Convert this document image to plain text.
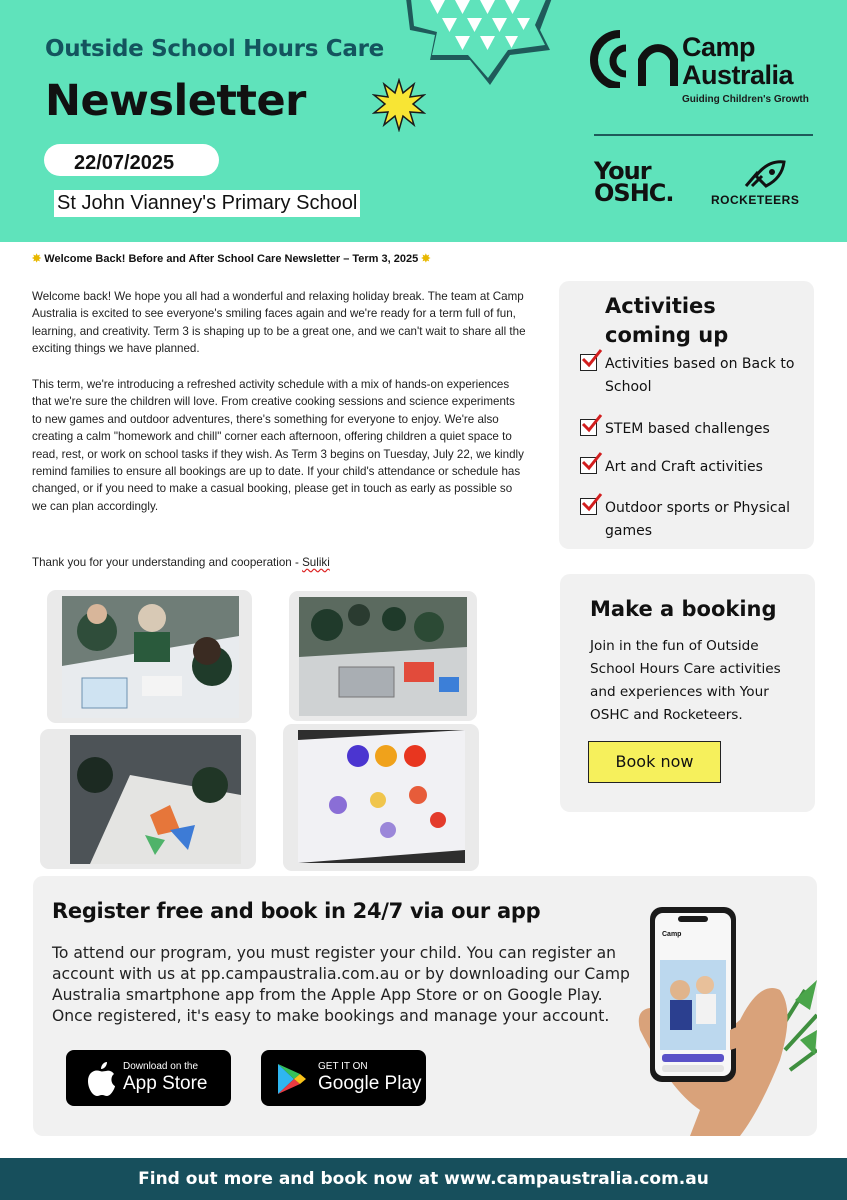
Outside School Hours Care
Newsletter
22/07/2025
St John Vianney's Primary School
Camp
Australia
Guiding Children's Growth
Your
OSHC.	ROCKETEERS
✸ Welcome Back! Before and After School Care Newsletter – Term 3, 2025 ✸
Welcome back! We hope you all had a wonderful and relaxing holiday break. The team at Camp Australia is excited to see everyone's smiling faces again and we're ready for a term full of fun, learning, and creativity. Term 3 is shaping up to be a great one, and we can't wait to share all the exciting things we have planned.
This term, we're introducing a refreshed activity schedule with a mix of hands-on experiences that we're sure the children will love. From creative cooking sessions and science experiments to new games and outdoor adventures, there's something for everyone to enjoy. We're also creating a calm "homework and chill" corner each afternoon, offering children a quiet space to read, rest, or work on school tasks if they wish. As Term 3 begins on Tuesday, July 22, we kindly remind families to ensure all bookings are up to date. If your child's attendance or schedule has changed, or if you need to make a casual booking, please get in touch as early as possible so we can plan accordingly.
Thank you for your understanding and cooperation - Suliki
Activities coming up
Activities based on Back to School
STEM based challenges
Art and Craft activities
Outdoor sports or Physical games
Make a booking
Join in the fun of Outside School Hours Care activities and experiences with Your OSHC and Rocketeers.
Book now
Register free and book in 24/7 via our app
To attend our program, you must register your child. You can register an account with us at pp.campaustralia.com.au or by downloading our Camp Australia smartphone app from the Apple App Store or on Google Play. Once registered, it's easy to make bookings and manage your account.
Download on the
App Store
GET IT ON
Google Play
Camp
Find out more and book now at www.campaustralia.com.au
